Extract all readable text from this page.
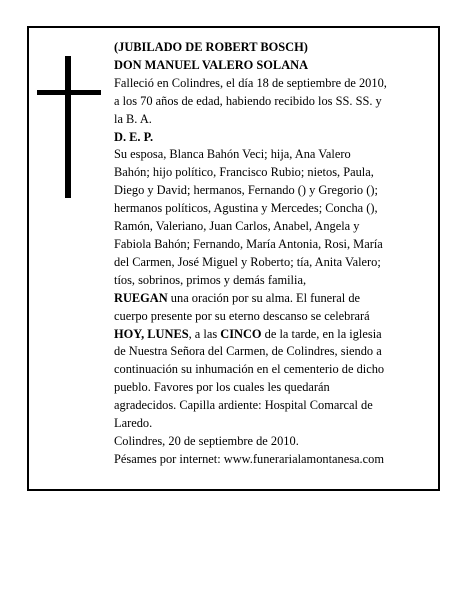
(JUBILADO DE ROBERT BOSCH)

DON MANUEL VALERO SOLANA

Falleció en Colindres, el día 18 de septiembre de 2010,

a los 70 años de edad, habiendo recibido los SS. SS. y

la B. A.

D. E. P.

Su esposa, Blanca Bahón Veci; hija, Ana Valero

Bahón; hijo político, Francisco Rubio; nietos, Paula,

Diego y David; hermanos, Fernando () y Gregorio ();

hermanos políticos, Agustina y Mercedes; Concha (),

Ramón, Valeriano, Juan Carlos, Anabel, Angela y

Fabiola Bahón; Fernando, María Antonia, Rosi, María

del Carmen, José Miguel y Roberto; tía, Anita Valero;

tíos, sobrinos, primos y demás familia,

RUEGAN una oración por su alma. El funeral de

cuerpo presente por su eterno descanso se celebrará

HOY, LUNES, a las CINCO de la tarde, en la iglesia

de Nuestra Señora del Carmen, de Colindres, siendo a

continuación su inhumación en el cementerio de dicho

pueblo. Favores por los cuales les quedarán

agradecidos. Capilla ardiente: Hospital Comarcal de

Laredo.

Colindres, 20 de septiembre de 2010.

Pésames por internet: www.funerarialamontanesa.com
